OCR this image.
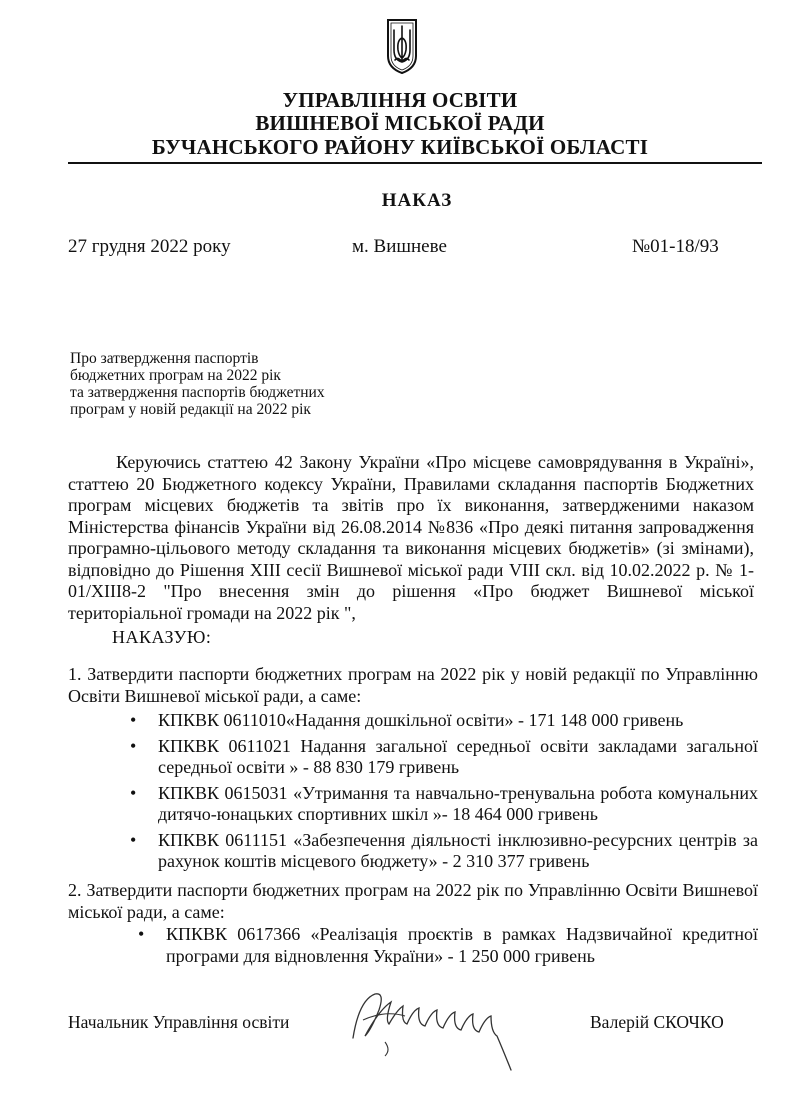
УПРАВЛІННЯ ОСВІТИ
ВИШНЕВОЇ МІСЬКОЇ РАДИ
БУЧАНСЬКОГО РАЙОНУ КИЇВСЬКОЇ ОБЛАСТІ
НАКАЗ
27 грудня 2022 року	м. Вишневе	№01-18/93
Про затвердження паспортів
бюджетних програм на 2022 рік
та затвердження паспортів бюджетних
програм у новій редакції на 2022 рік

Керуючись статтею 42 Закону України «Про місцеве самоврядування в Україні», статтею 20 Бюджетного кодексу України, Правилами складання паспортів Бюджетних програм місцевих бюджетів та звітів про їх виконання, затвердженими наказом Міністерства фінансів України від 26.08.2014 №836 «Про деякі питання запровадження програмно-цільового методу складання та виконання місцевих бюджетів» (зі змінами), відповідно до Рішення ХІІІ сесії Вишневої міської ради VIII скл. від 10.02.2022 р. № 1-01/XIII8-2 "Про внесення змін до рішення «Про бюджет Вишневої міської територіальної громади на 2022 рік ",

НАКАЗУЮ:
1. Затвердити паспорти бюджетних програм на 2022 рік у новій редакції по Управлінню Освіти Вишневої міської ради, а саме:
• КПКВК 0611010«Надання дошкільної освіти» - 171 148 000 гривень
• КПКВК 0611021 Надання загальної середньої освіти закладами загальної середньої освіти » - 88 830 179 гривень
• КПКВК 0615031 «Утримання та навчально-тренувальна робота комунальних дитячо-юнацьких спортивних шкіл »- 18 464 000 гривень
• КПКВК 0611151 «Забезпечення діяльності інклюзивно-ресурсних центрів за рахунок коштів місцевого бюджету» - 2 310 377 гривень
2. Затвердити паспорти бюджетних програм на 2022 рік по Управлінню Освіти Вишневої міської ради, а саме:
• КПКВК 0617366 «Реалізація проєктів в рамках Надзвичайної кредитної програми для відновлення України» - 1 250 000 гривень
Начальник Управління освіти	Валерій СКОЧКО
